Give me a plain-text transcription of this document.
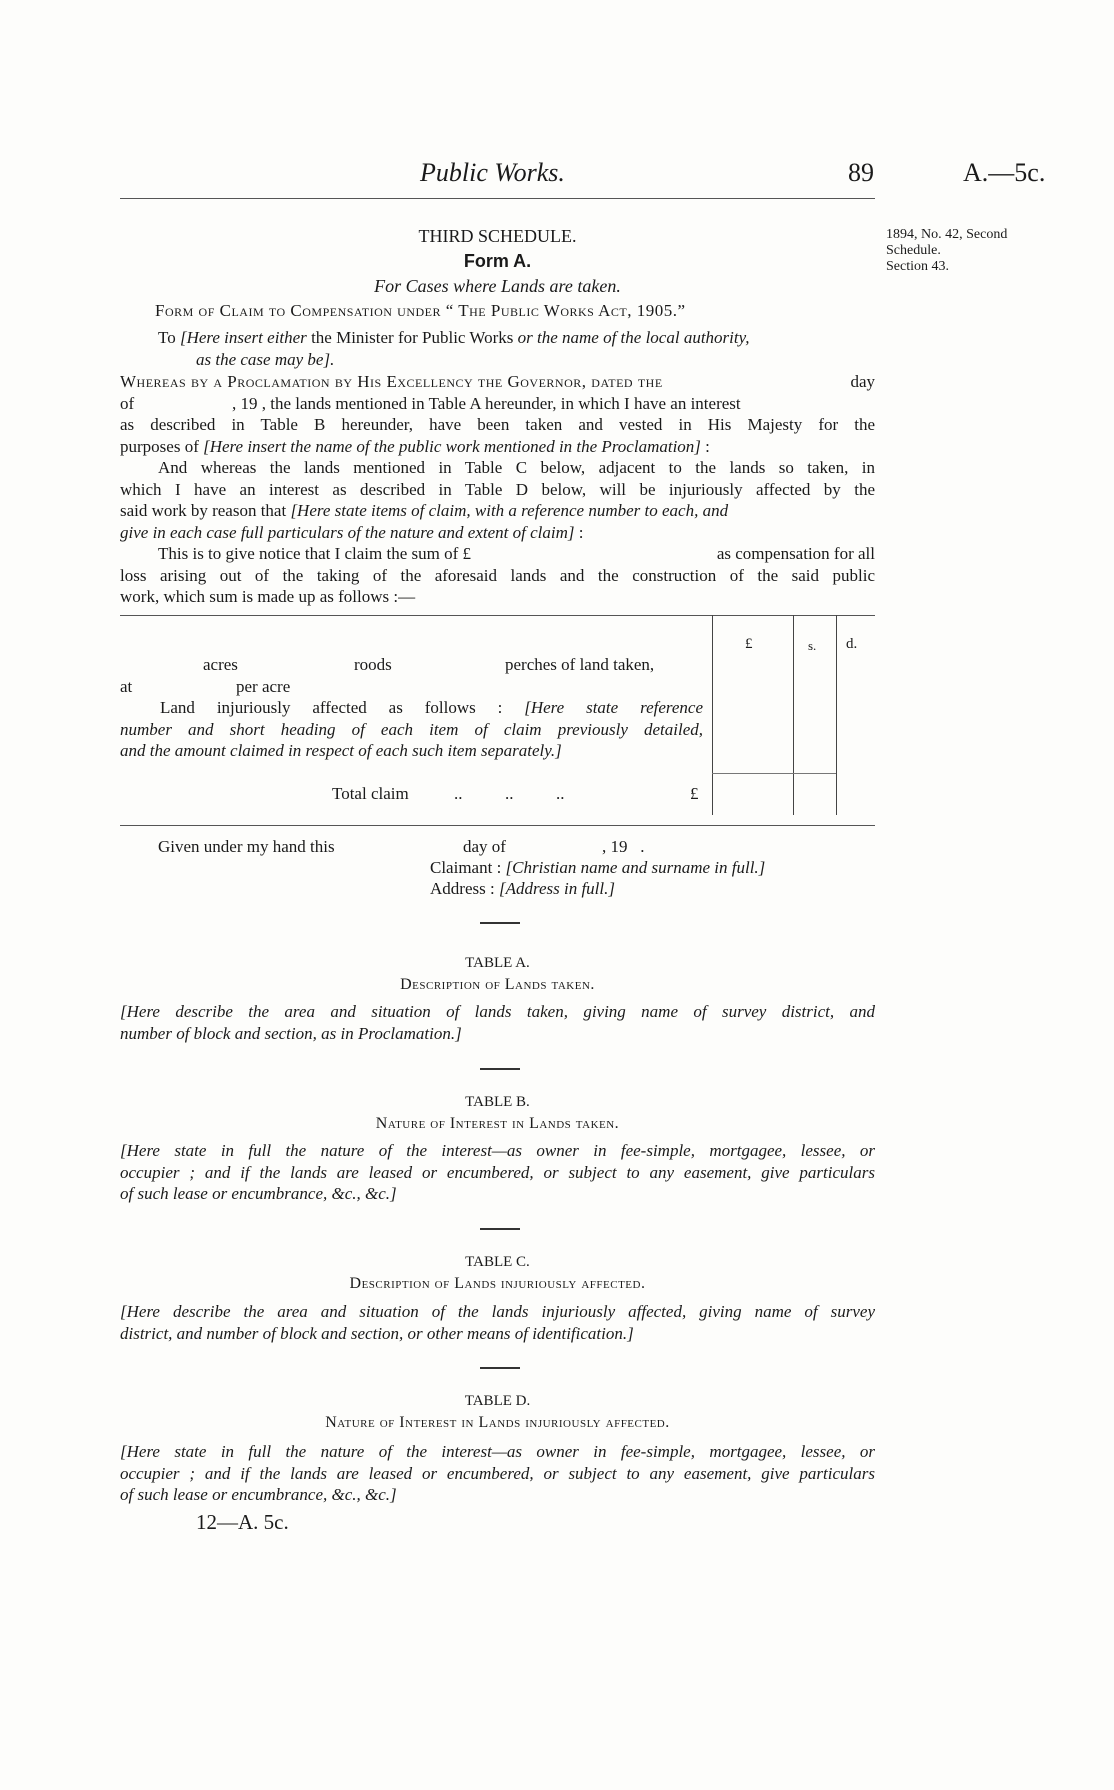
Public Works.	89	A.—5c.
1894, No. 42, Second
Schedule.
Section 43.
THIRD SCHEDULE.
Form A.
For Cases where Lands are taken.
Form of Claim to Compensation under “ The Public Works Act, 1905.”
To [Here insert either the Minister for Public Works or the name of the local authority,
as the case may be].
Whereas by a Proclamation by His Excellency the Governor, dated the	day
of	, 19 , the lands mentioned in Table A hereunder, in which I have an interest
as described in Table B hereunder, have been taken and vested in His Majesty for the
purposes of [Here insert the name of the public work mentioned in the Proclamation] :
And whereas the lands mentioned in Table C below, adjacent to the lands so taken, in
which I have an interest as described in Table D below, will be injuriously affected by the
said work by reason that [Here state items of claim, with a reference number to each, and
give in each case full particulars of the nature and extent of claim] :
This is to give notice that I claim the sum of £	as compensation for all
loss arising out of the taking of the aforesaid lands and the construction of the said public
work, which sum is made up as follows :—
£	s. d.
acres	roods	perches of land taken,
at	per acre
Land injuriously affected as follows : [Here state reference
number and short heading of each item of claim previously detailed,
and the amount claimed in respect of each such item separately.]
Total claim	..          ..          ..	£
Given under my hand this	day of	, 19   .
Claimant : [Christian name and surname in full.]
Address : [Address in full.]
TABLE A.
Description of Lands taken.
[Here describe the area and situation of lands taken, giving name of survey district, and
number of block and section, as in Proclamation.]
TABLE B.
Nature of Interest in Lands taken.
[Here state in full the nature of the interest—as owner in fee-simple, mortgagee, lessee, or
occupier ; and if the lands are leased or encumbered, or subject to any easement, give particulars
of such lease or encumbrance, &c., &c.]
TABLE C.
Description of Lands injuriously affected.
[Here describe the area and situation of the lands injuriously affected, giving name of survey
district, and number of block and section, or other means of identification.]
TABLE D.
Nature of Interest in Lands injuriously affected.
[Here state in full the nature of the interest—as owner in fee-simple, mortgagee, lessee, or
occupier ; and if the lands are leased or encumbered, or subject to any easement, give particulars
of such lease or encumbrance, &c., &c.]
12—A. 5c.
